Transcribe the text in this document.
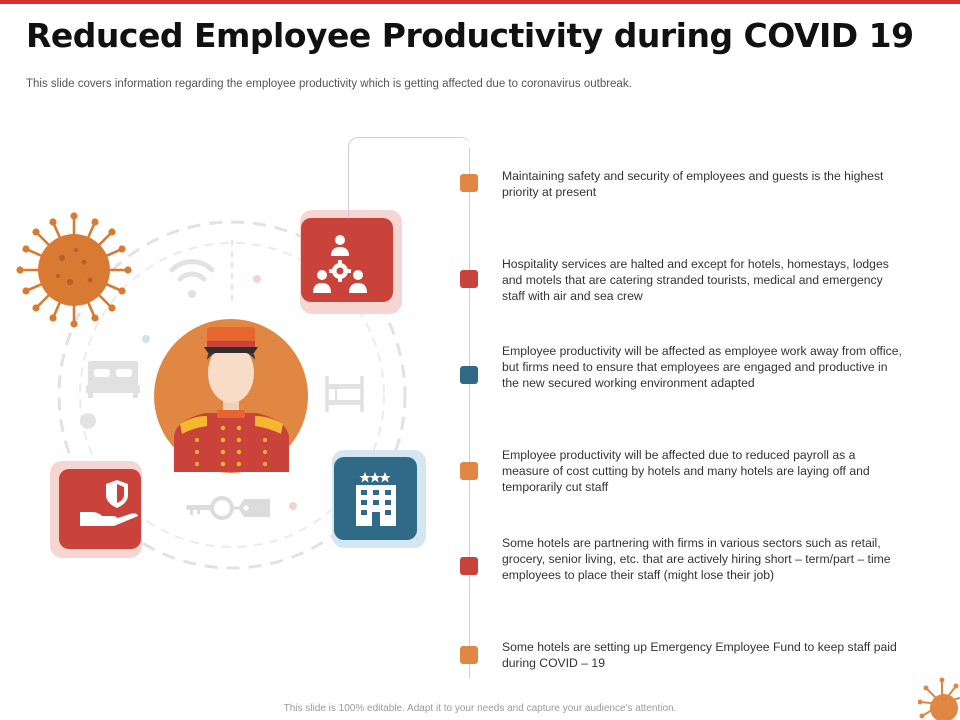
Reduced Employee Productivity during COVID 19
This slide covers information regarding the employee productivity which is getting affected due to coronavirus outbreak.

Maintaining safety and security of employees and guests is the highest priority at present

Hospitality services are halted and except for hotels, homestays, lodges and motels that are catering stranded tourists, medical and emergency staff with air and sea crew

Employee productivity will be affected as employee work away from office, but firms need to ensure that employees are engaged and productive in the new secured working environment adapted

Employee productivity will be affected due to reduced payroll as a measure of cost cutting by hotels and many hotels are laying off and temporarily cut staff

Some hotels are partnering with firms in various sectors such as retail, grocery, senior living, etc. that are actively hiring short – term/part – time employees to place their staff (might lose their job)

Some hotels are setting up Emergency Employee Fund to keep staff paid during COVID – 19

This slide is 100% editable. Adapt it to your needs and capture your audience's attention.
